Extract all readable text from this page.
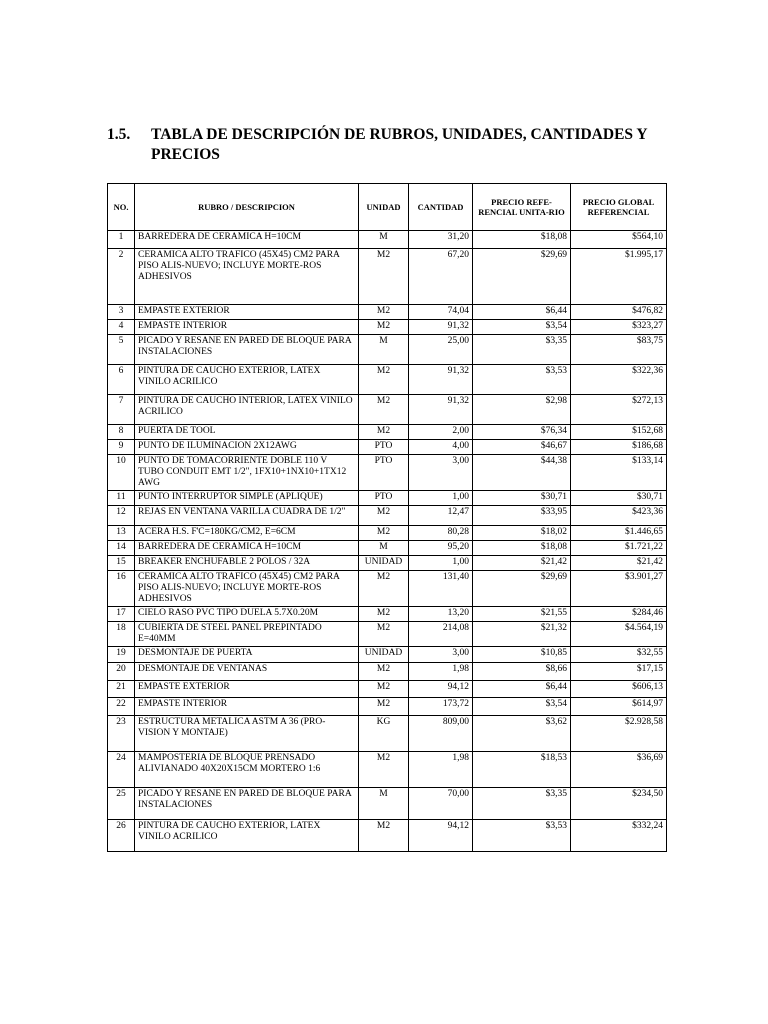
1.5. TABLA DE DESCRIPCIÓN DE RUBROS, UNIDADES, CANTIDADES Y PRECIOS
NO.	RUBRO / DESCRIPCION	UNIDAD	CANTIDAD	PRECIO REFE-RENCIAL UNITA-RIO	PRECIO GLOBAL REFERENCIAL
1	BARREDERA DE CERAMICA H=10CM	M	31,20	$18,08	$564,10
2	CERAMICA ALTO TRAFICO (45X45) CM2 PARA PISO ALIS-NUEVO; INCLUYE MORTE-ROS ADHESIVOS	M2	67,20	$29,69	$1.995,17
3	EMPASTE EXTERIOR	M2	74,04	$6,44	$476,82
4	EMPASTE INTERIOR	M2	91,32	$3,54	$323,27
5	PICADO Y RESANE EN PARED DE BLOQUE PARA INSTALACIONES	M	25,00	$3,35	$83,75
6	PINTURA DE CAUCHO EXTERIOR, LATEX VINILO ACRILICO	M2	91,32	$3,53	$322,36
7	PINTURA DE CAUCHO INTERIOR, LATEX VINILO ACRILICO	M2	91,32	$2,98	$272,13
8	PUERTA DE TOOL	M2	2,00	$76,34	$152,68
9	PUNTO DE ILUMINACION 2X12AWG	PTO	4,00	$46,67	$186,68
10	PUNTO DE TOMACORRIENTE DOBLE 110 V TUBO CONDUIT EMT 1/2", 1FX10+1NX10+1TX12 AWG	PTO	3,00	$44,38	$133,14
11	PUNTO INTERRUPTOR SIMPLE (APLIQUE)	PTO	1,00	$30,71	$30,71
12	REJAS EN VENTANA VARILLA CUADRA DE 1/2"	M2	12,47	$33,95	$423,36
13	ACERA H.S. F'C=180KG/CM2, E=6CM	M2	80,28	$18,02	$1.446,65
14	BARREDERA DE CERAMICA H=10CM	M	95,20	$18,08	$1.721,22
15	BREAKER ENCHUFABLE 2 POLOS / 32A	UNIDAD	1,00	$21,42	$21,42
16	CERAMICA ALTO TRAFICO (45X45) CM2 PARA PISO ALIS-NUEVO; INCLUYE MORTE-ROS ADHESIVOS	M2	131,40	$29,69	$3.901,27
17	CIELO RASO PVC TIPO DUELA 5.7X0.20M	M2	13,20	$21,55	$284,46
18	CUBIERTA DE STEEL PANEL PREPINTADO E=40MM	M2	214,08	$21,32	$4.564,19
19	DESMONTAJE DE PUERTA	UNIDAD	3,00	$10,85	$32,55
20	DESMONTAJE DE VENTANAS	M2	1,98	$8,66	$17,15
21	EMPASTE EXTERIOR	M2	94,12	$6,44	$606,13
22	EMPASTE INTERIOR	M2	173,72	$3,54	$614,97
23	ESTRUCTURA METALICA ASTM A 36 (PRO-VISION Y MONTAJE)	KG	809,00	$3,62	$2.928,58
24	MAMPOSTERIA DE BLOQUE PRENSADO ALIVIANADO 40X20X15CM MORTERO 1:6	M2	1,98	$18,53	$36,69
25	PICADO Y RESANE EN PARED DE BLOQUE PARA INSTALACIONES	M	70,00	$3,35	$234,50
26	PINTURA DE CAUCHO EXTERIOR, LATEX VINILO ACRILICO	M2	94,12	$3,53	$332,24
